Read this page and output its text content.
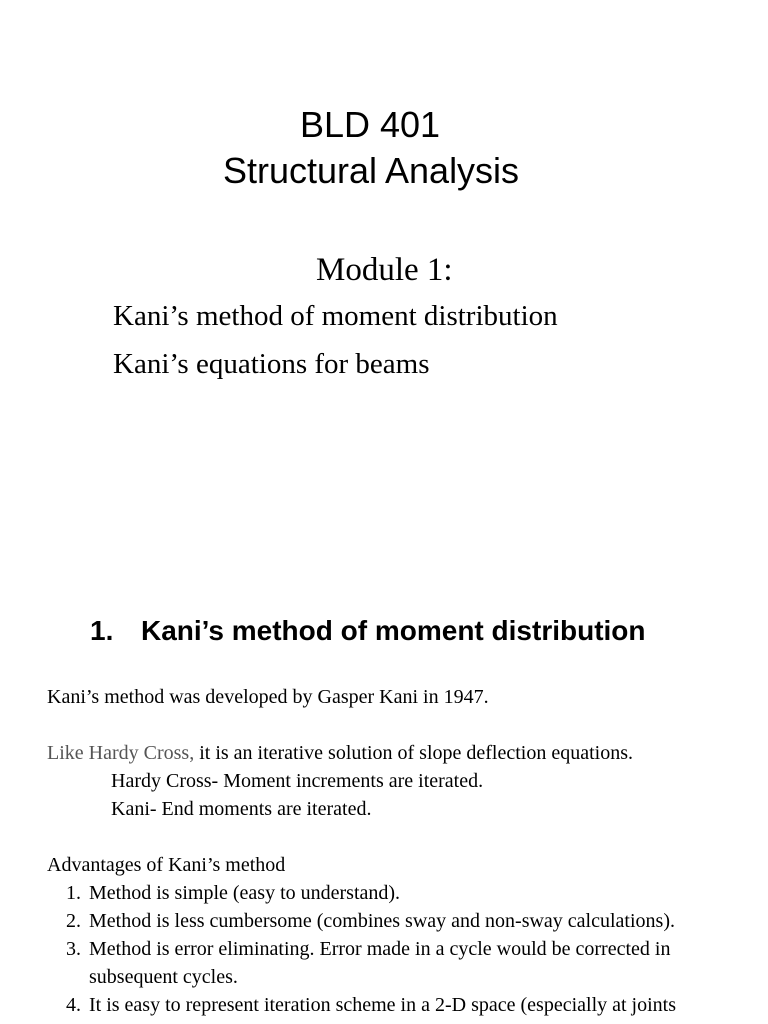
BLD 401
Structural Analysis
Module 1:
Kani’s method of moment distribution
Kani’s equations for beams
1. Kani’s method of moment distribution
Kani’s method was developed by Gasper Kani in 1947.
Like Hardy Cross, it is an iterative solution of slope deflection equations.
Hardy Cross- Moment increments are iterated.
Kani- End moments are iterated.
Advantages of Kani’s method
1. Method is simple (easy to understand).
2. Method is less cumbersome (combines sway and non-sway calculations).
3. Method is error eliminating. Error made in a cycle would be corrected in
subsequent cycles.
4. It is easy to represent iteration scheme in a 2-D space (especially at joints
